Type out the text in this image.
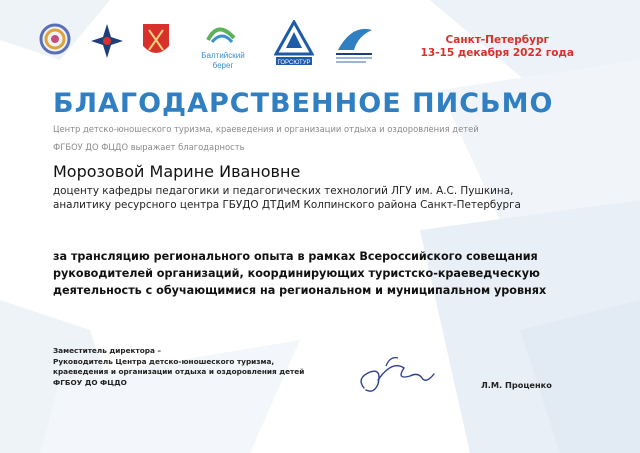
Балтийский
берег	ГОРСЮТУР
Санкт-Петербург
13-15 декабря 2022 года
БЛАГОДАРСТВЕННОЕ ПИСЬМО
Центр детско-юношеского туризма, краеведения и организации отдыха и оздоровления детей
ФГБОУ ДО ФЦДО выражает благодарность
Морозовой Марине Ивановне
доценту кафедры педагогики и педагогических технологий ЛГУ им. А.С. Пушкина,
аналитику ресурсного центра ГБУДО ДТДиМ Колпинского района Санкт-Петербурга
за трансляцию регионального опыта в рамках Всероссийского совещания
руководителей организаций, координирующих туристско-краеведческую
деятельность с обучающимися на региональном и муниципальном уровнях
Заместитель директора –
Руководитель Центра детско-юношеского туризма,
краеведения и организации отдыха и оздоровления детей
ФГБОУ ДО ФЦДО	Л.М. Проценко
